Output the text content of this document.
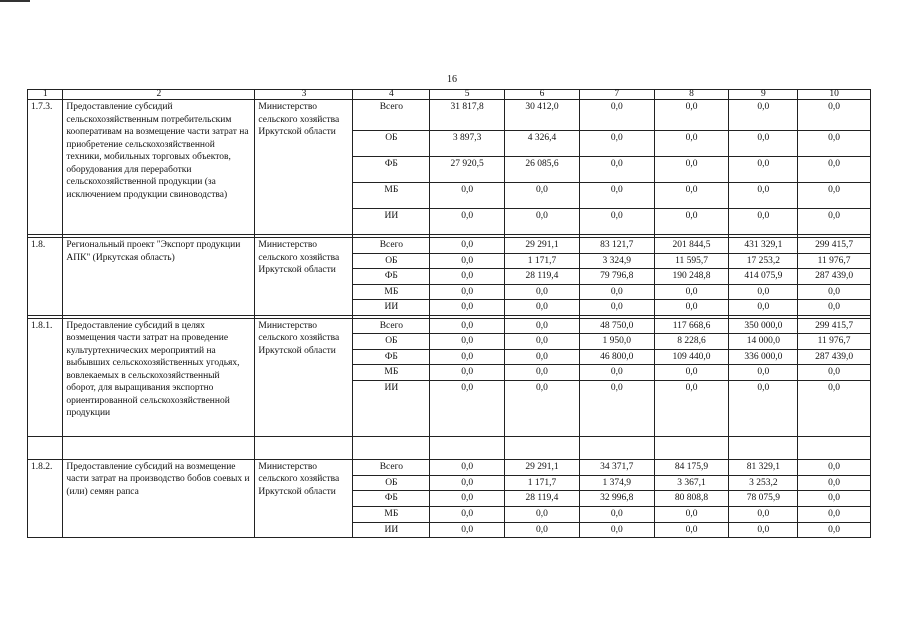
16
1	2	3	4	5	6	7	8	9	10
1.7.3.	Предоставление субсидий сельскохозяйственным потребительским кооперативам на возмещение части затрат на приобретение сельскохозяйственной техники, мобильных торговых объектов, оборудования для переработки сельскохозяйственной продукции (за исключением продукции свиноводства)	Министерство сельского хозяйства Иркутской области	Всего	31 817,8	30 412,0	0,0	0,0	0,0	0,0
			ОБ	3 897,3	4 326,4	0,0	0,0	0,0	0,0
			ФБ	27 920,5	26 085,6	0,0	0,0	0,0	0,0
			МБ	0,0	0,0	0,0	0,0	0,0	0,0
			ИИ	0,0	0,0	0,0	0,0	0,0	0,0

1.8.	Региональный проект "Экспорт продукции АПК" (Иркутская область)	Министерство сельского хозяйства Иркутской области	Всего	0,0	29 291,1	83 121,7	201 844,5	431 329,1	299 415,7
			ОБ	0,0	1 171,7	3 324,9	11 595,7	17 253,2	11 976,7
			ФБ	0,0	28 119,4	79 796,8	190 248,8	414 075,9	287 439,0
			МБ	0,0	0,0	0,0	0,0	0,0	0,0
			ИИ	0,0	0,0	0,0	0,0	0,0	0,0

1.8.1.	Предоставление субсидий в целях возмещения части затрат на проведение культуртехнических мероприятий на выбывших сельскохозяйственных угодьях, вовлекаемых в сельскохозяйственный оборот, для выращивания экспортно ориентированной сельскохозяйственной продукции	Министерство сельского хозяйства Иркутской области	Всего	0,0	0,0	48 750,0	117 668,6	350 000,0	299 415,7
			ОБ	0,0	0,0	1 950,0	8 228,6	14 000,0	11 976,7
			ФБ	0,0	0,0	46 800,0	109 440,0	336 000,0	287 439,0
			МБ	0,0	0,0	0,0	0,0	0,0	0,0
			ИИ	0,0	0,0	0,0	0,0	0,0	0,0

1.8.2.	Предоставление субсидий на возмещение части затрат на производство бобов соевых и (или) семян рапса	Министерство сельского хозяйства Иркутской области	Всего	0,0	29 291,1	34 371,7	84 175,9	81 329,1	0,0
			ОБ	0,0	1 171,7	1 374,9	3 367,1	3 253,2	0,0
			ФБ	0,0	28 119,4	32 996,8	80 808,8	78 075,9	0,0
			МБ	0,0	0,0	0,0	0,0	0,0	0,0
			ИИ	0,0	0,0	0,0	0,0	0,0	0,0
